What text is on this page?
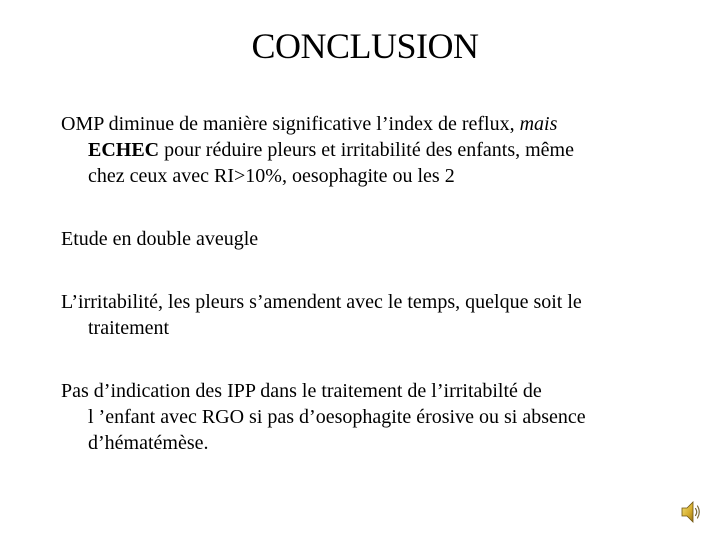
CONCLUSION
OMP diminue de manière significative l’index de reflux, mais
ECHEC pour réduire pleurs et irritabilité des enfants, même
chez ceux avec RI>10%, oesophagite ou les 2
Etude en double aveugle
L’irritabilité, les pleurs s’amendent avec le temps, quelque soit le
traitement
Pas d’indication des IPP dans le traitement de l’irritabilté de
l ’enfant avec RGO si pas d’oesophagite érosive ou si absence
d’hématémèse.
